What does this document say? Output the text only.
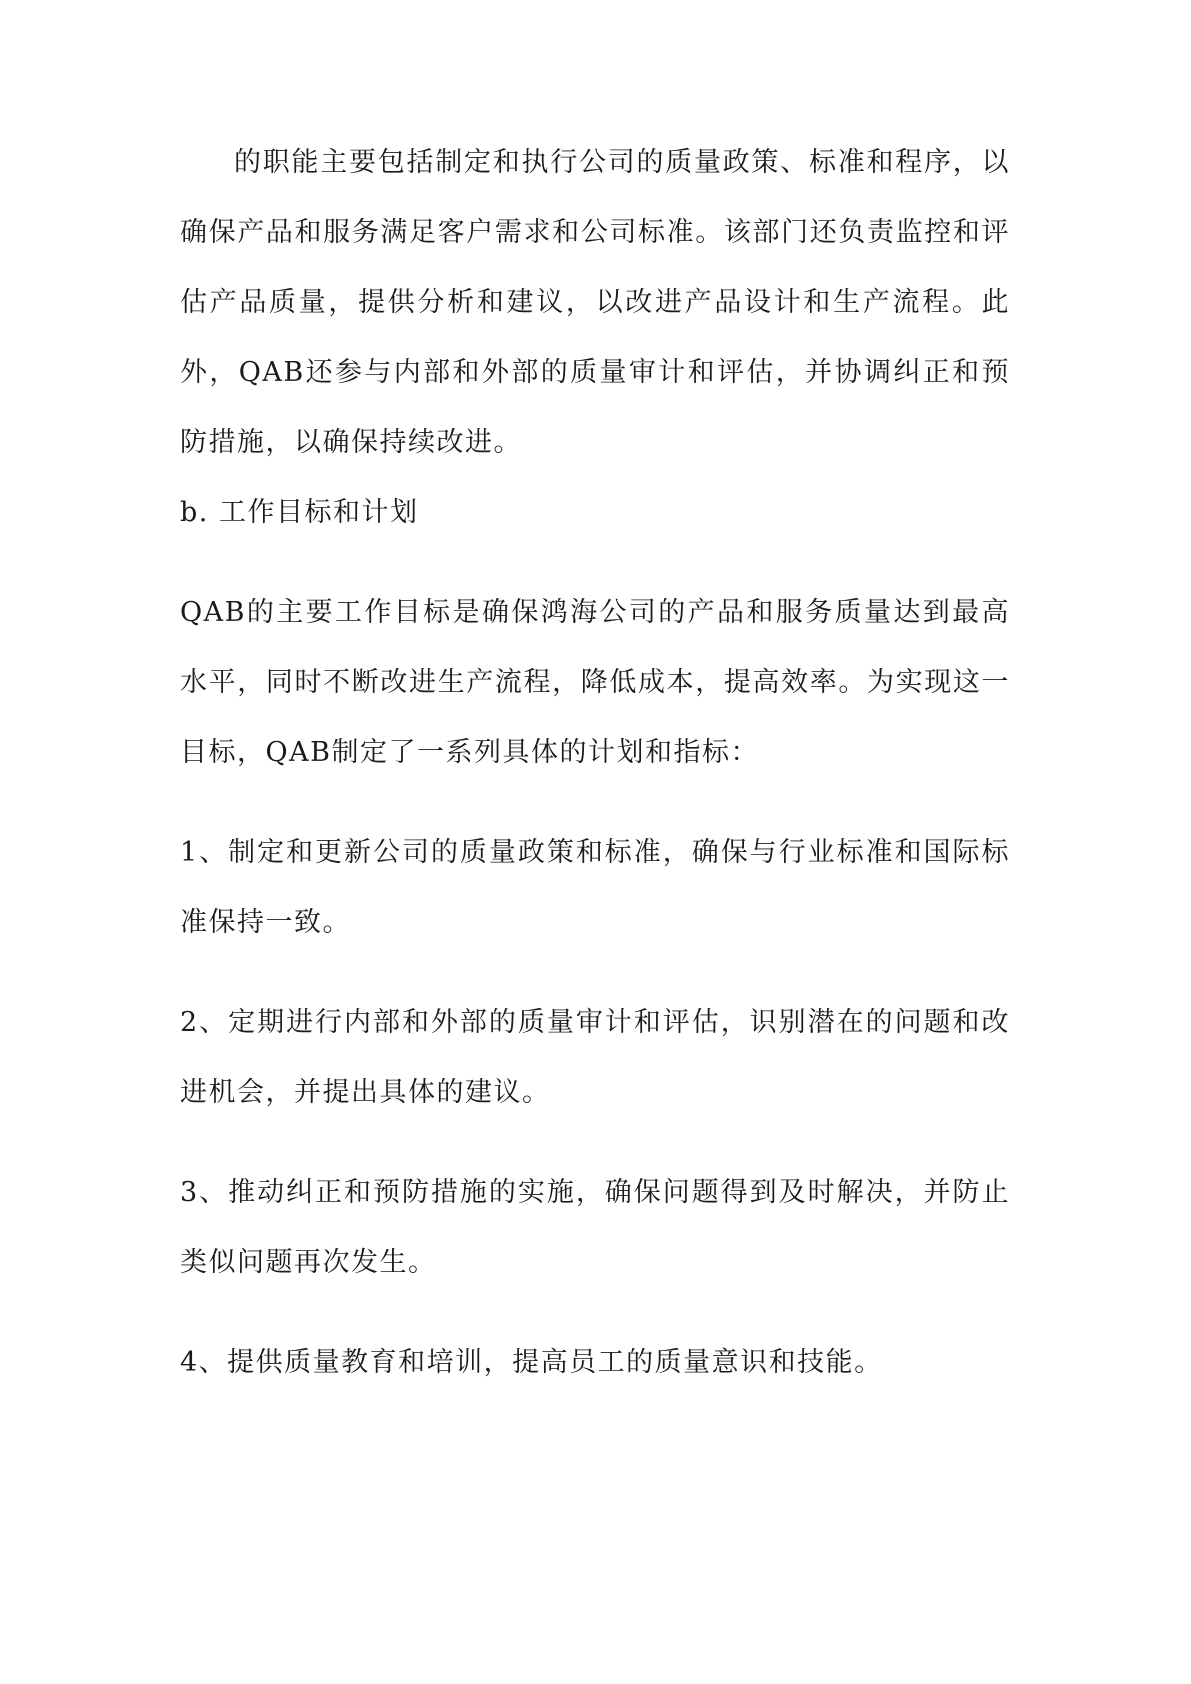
的职能主要包括制定和执行公司的质量政策、标准和程序，以确保产品和服务满足客户需求和公司标准。该部门还负责监控和评估产品质量，提供分析和建议，以改进产品设计和生产流程。此外，QAB还参与内部和外部的质量审计和评估，并协调纠正和预防措施，以确保持续改进。

b. 工作目标和计划

QAB的主要工作目标是确保鸿海公司的产品和服务质量达到最高水平，同时不断改进生产流程，降低成本，提高效率。为实现这一目标，QAB制定了一系列具体的计划和指标：

1、制定和更新公司的质量政策和标准，确保与行业标准和国际标准保持一致。

2、定期进行内部和外部的质量审计和评估，识别潜在的问题和改进机会，并提出具体的建议。

3、推动纠正和预防措施的实施，确保问题得到及时解决，并防止类似问题再次发生。

4、提供质量教育和培训，提高员工的质量意识和技能。
